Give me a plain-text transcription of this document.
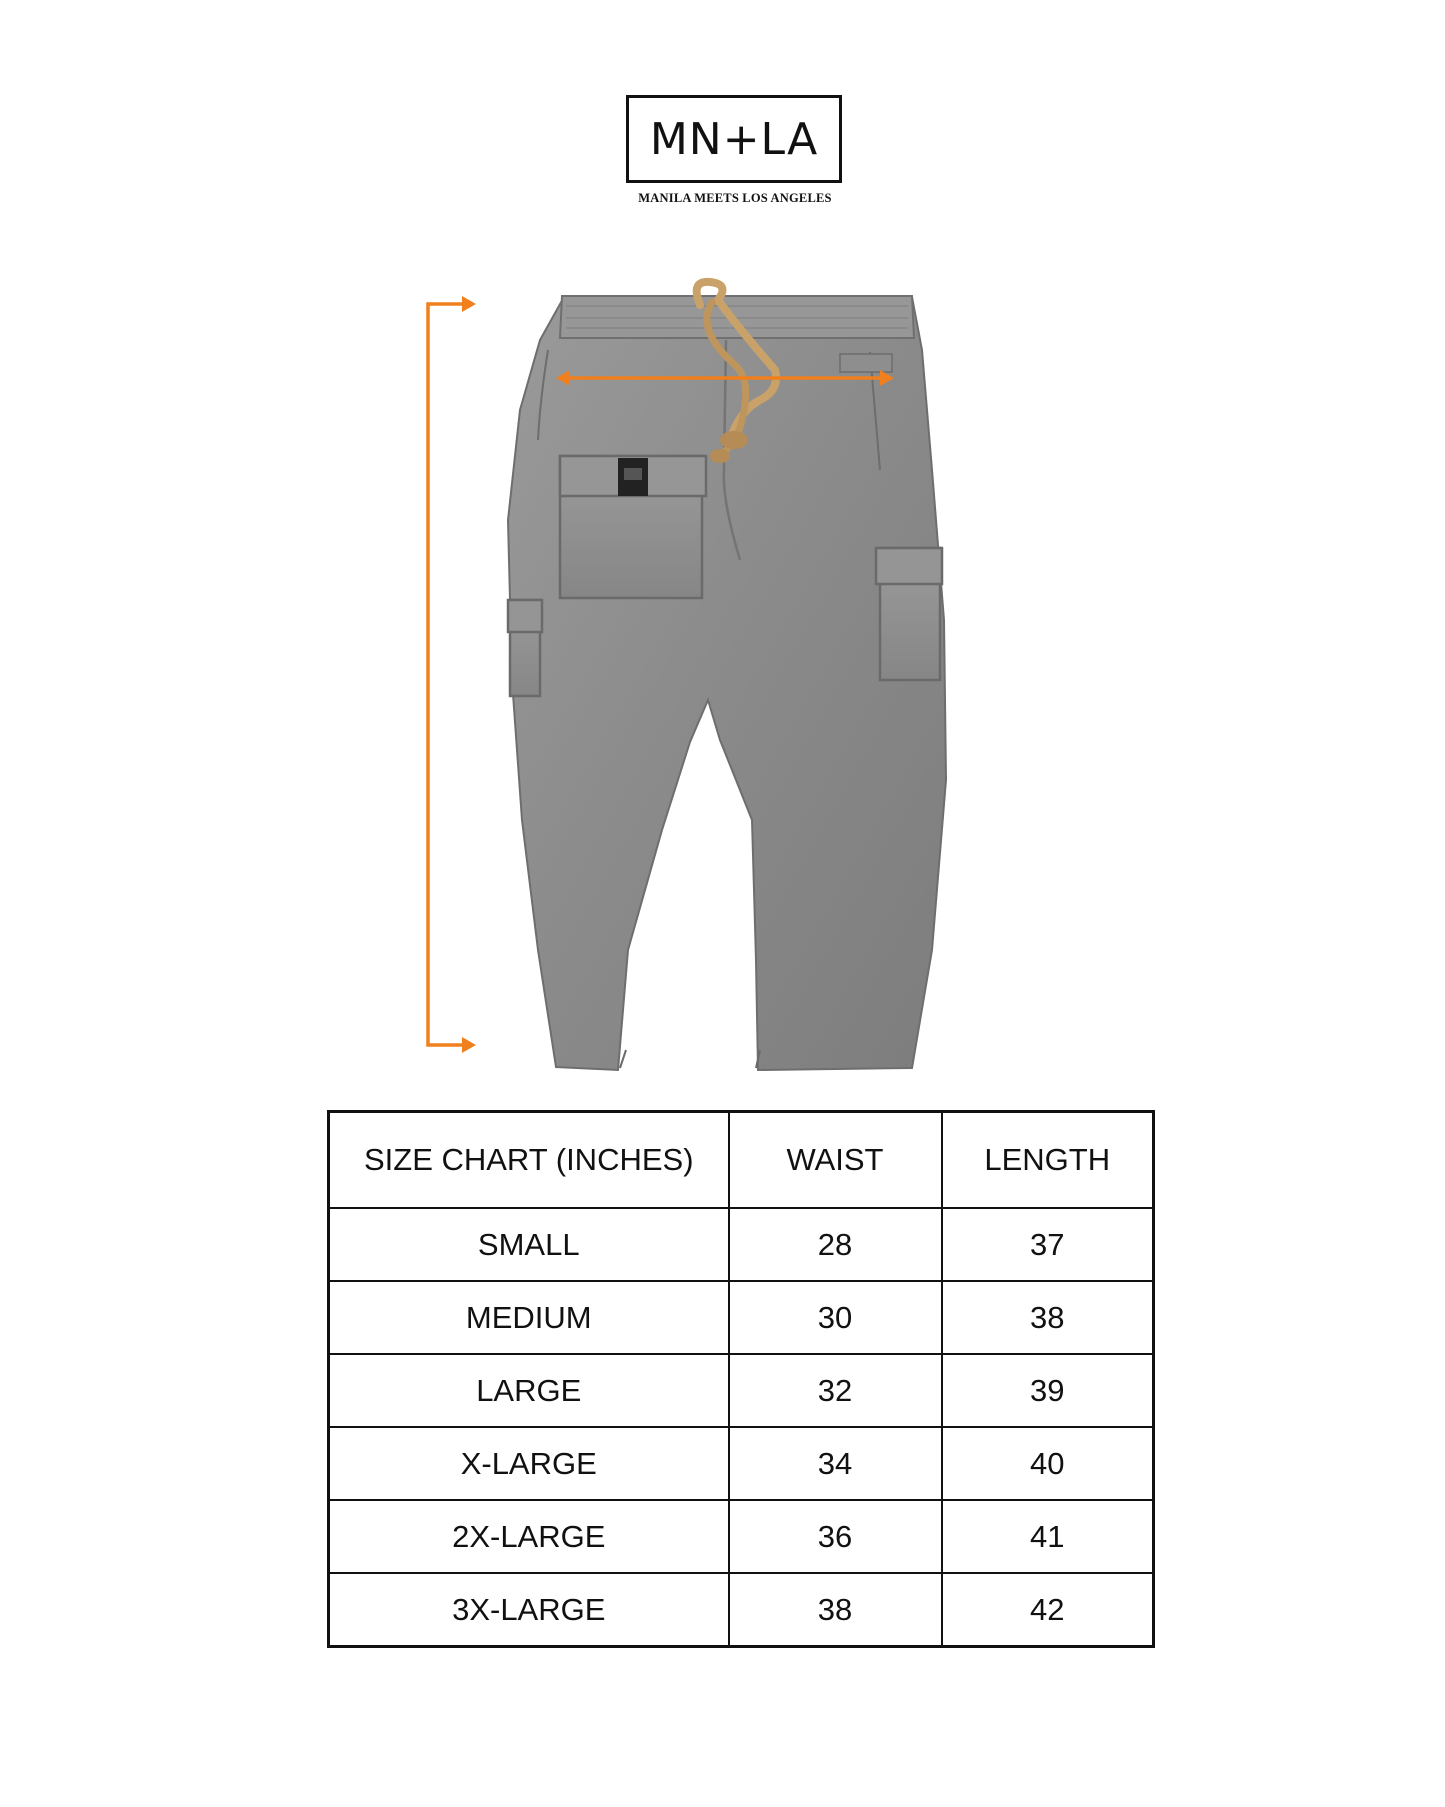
MN+LA
MANILA MEETS LOS ANGELES
SIZE CHART (INCHES)	WAIST	LENGTH
SMALL	28	37
MEDIUM	30	38
LARGE	32	39
X-LARGE	34	40
2X-LARGE	36	41
3X-LARGE	38	42
